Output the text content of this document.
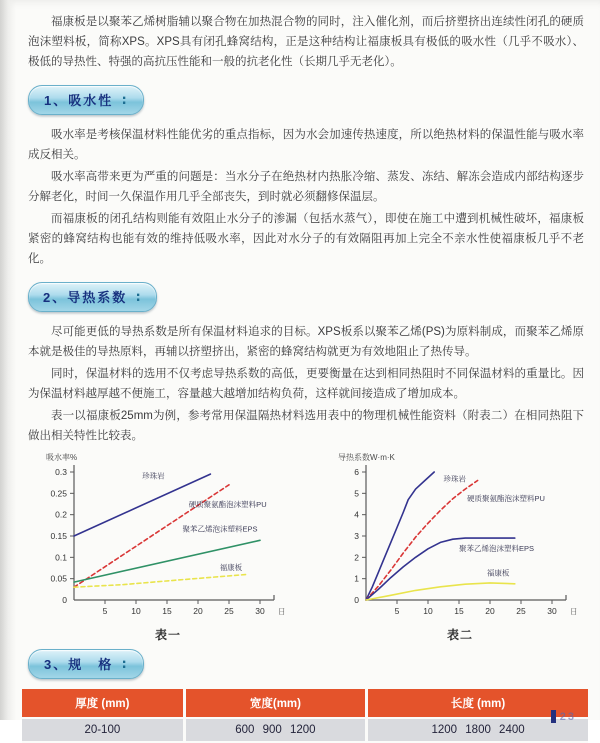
福康板是以聚苯乙烯树脂辅以聚合物在加热混合物的同时，注入催化剂，而后挤塑挤出连续性闭孔的硬质泡沫塑料板，简称XPS。XPS具有闭孔蜂窝结构，正是这种结构让福康板具有极低的吸水性（几乎不吸水）、极低的导热性、特强的高抗压性能和一般的抗老化性（长期几乎无老化）。

1、吸水性 ∶

吸水率是考核保温材料性能优劣的重点指标，因为水会加速传热速度，所以绝热材料的保温性能与吸水率成反相关。

吸水率高带来更为严重的问题是：当水分子在绝热材内热胀冷缩、蒸发、冻结、解冻会造成内部结构逐步分解老化，时间一久保温作用几乎全部丧失，到时就必须翻修保温层。

而福康板的闭孔结构则能有效阻止水分子的渗漏（包括水蒸气），即使在施工中遭到机械性破坏，福康板紧密的蜂窝结构也能有效的维持低吸水率，因此对水分子的有效隔阻再加上完全不亲水性使福康板几乎不老化。

2、导热系数 ∶

尽可能更低的导热系数是所有保温材料追求的目标。XPS板系以聚苯乙烯(PS)为原料制成，而聚苯乙烯原本就是极佳的导热原料，再辅以挤塑挤出，紧密的蜂窝结构就更为有效地阻止了热传导。

同时，保温材料的选用不仅考虑导热系数的高低，更要衡量在达到相同热阻时不同保温材料的重量比。因为保温材料越厚越不便施工，容量越大越增加结构负荷，这样就间接造成了增加成本。

表一以福康板25mm为例，参考常用保温隔热材料选用表中的物理机械性能资料（附表二）在相同热阻下做出相关特性比较表。

吸水率%
0
0.05
0.1
0.15
0.2
0.25
0.3
5	10	15	20	25	30 日
珍珠岩
硬质聚氨酯泡沫塑料PU
聚苯乙烯泡沫塑料EPS
福康板
表一
导热系数W·m·K
0
1
2
3
4
5
6
5	10	15	20	25	30 日
珍珠岩
硬质聚氨酯泡沫塑料PU
聚苯乙烯泡沫塑料EPS
福康板
表二
3、规　格 ∶
厚度 (mm)	宽度(mm)	长度 (mm)
20-100	600 900 1200	1200 1800 2400
23
